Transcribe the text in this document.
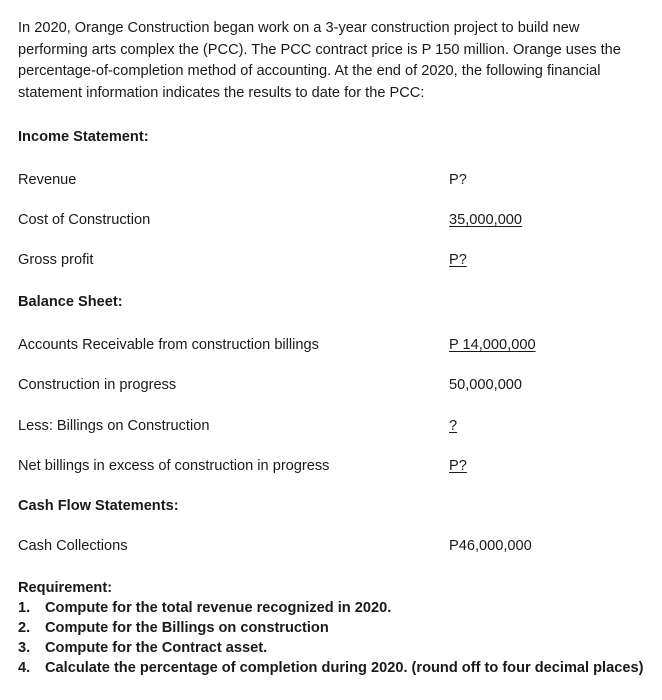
In 2020, Orange Construction began work on a 3-year construction project to build new
performing arts complex the (PCC). The PCC contract price is P 150 million. Orange uses the
percentage-of-completion method of accounting. At the end of 2020, the following financial
statement information indicates the results to date for the PCC:
Income Statement:
Revenue	P?
Cost of Construction	35,000,000
Gross profit	P?
Balance Sheet:
Accounts Receivable from construction billings	P 14,000,000
Construction in progress	50,000,000
Less: Billings on Construction	?
Net billings in excess of construction in progress	P?
Cash Flow Statements:
Cash Collections	P46,000,000
Requirement:
1.	Compute for the total revenue recognized in 2020.
2.	Compute for the Billings on construction
3.	Compute for the Contract asset.
4.	Calculate the percentage of completion during 2020. (round off to four decimal places)
